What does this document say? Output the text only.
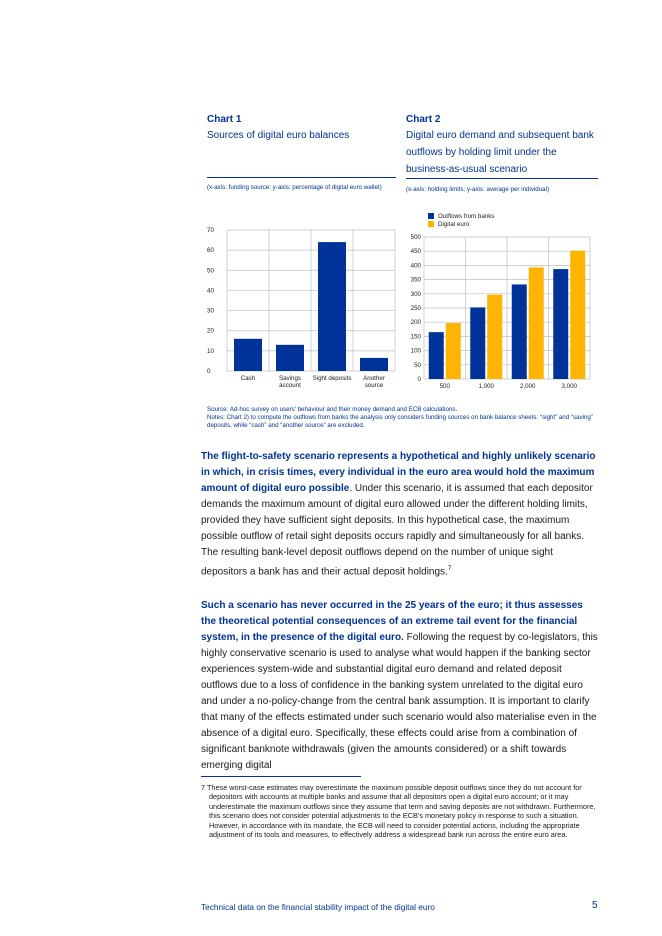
Chart 1
Sources of digital euro balances
(x-axis: funding source; y-axis: percentage of digital euro wallet)
Chart 2
Digital euro demand and subsequent bank outflows by holding limit under the business-as-usual scenario
(x-axis: holding limits; y-axis: average per individual)
0
10
20
30
40
50
60
70
Cash	Savings
account
Sight deposits Another
source
Outflows from banks
Digital euro
0
50
100
150
200
250
300
350
400
450
500
500	1,000	2,000	3,000
Source: Ad-hoc survey on users' behaviour and their money demand and ECB calculations.
Notes: Chart 2) to compute the outflows from banks the analysis only considers funding sources on bank balance sheets: “sight” and “saving” deposits, while “cash” and “another source” are excluded.
The flight-to-safety scenario represents a hypothetical and highly unlikely scenario in which, in crisis times, every individual in the euro area would hold the maximum amount of digital euro possible. Under this scenario, it is assumed that each depositor demands the maximum amount of digital euro allowed under the different holding limits, provided they have sufficient sight deposits. In this hypothetical case, the maximum possible outflow of retail sight deposits occurs rapidly and simultaneously for all banks. The resulting bank-level deposit outflows depend on the number of unique sight depositors a bank has and their actual deposit holdings.$^7$
Such a scenario has never occurred in the 25 years of the euro; it thus assesses the theoretical potential consequences of an extreme tail event for the financial system, in the presence of the digital euro. Following the request by co-legislators, this highly conservative scenario is used to analyse what would happen if the banking sector experiences system-wide and substantial digital euro demand and related deposit outflows due to a loss of confidence in the banking system unrelated to the digital euro and under a no-policy-change from the central bank assumption. It is important to clarify that many of the effects estimated under such scenario would also materialise even in the absence of a digital euro. Specifically, these effects could arise from a combination of significant banknote withdrawals (given the amounts considered) or a shift towards emerging digital
7 These worst-case estimates may overestimate the maximum possible deposit outflows since they do not account for depositors with accounts at multiple banks and assume that all depositors open a digital euro account; or it may underestimate the maximum outflows since they assume that term and saving deposits are not withdrawn. Furthermore, this scenario does not consider potential adjustments to the ECB's monetary policy in response to such a situation. However, in accordance with its mandate, the ECB will need to consider potential actions, including the appropriate adjustment of its tools and measures, to effectively address a widespread bank run across the entire euro area.
Technical data on the financial stability impact of the digital euro	5
